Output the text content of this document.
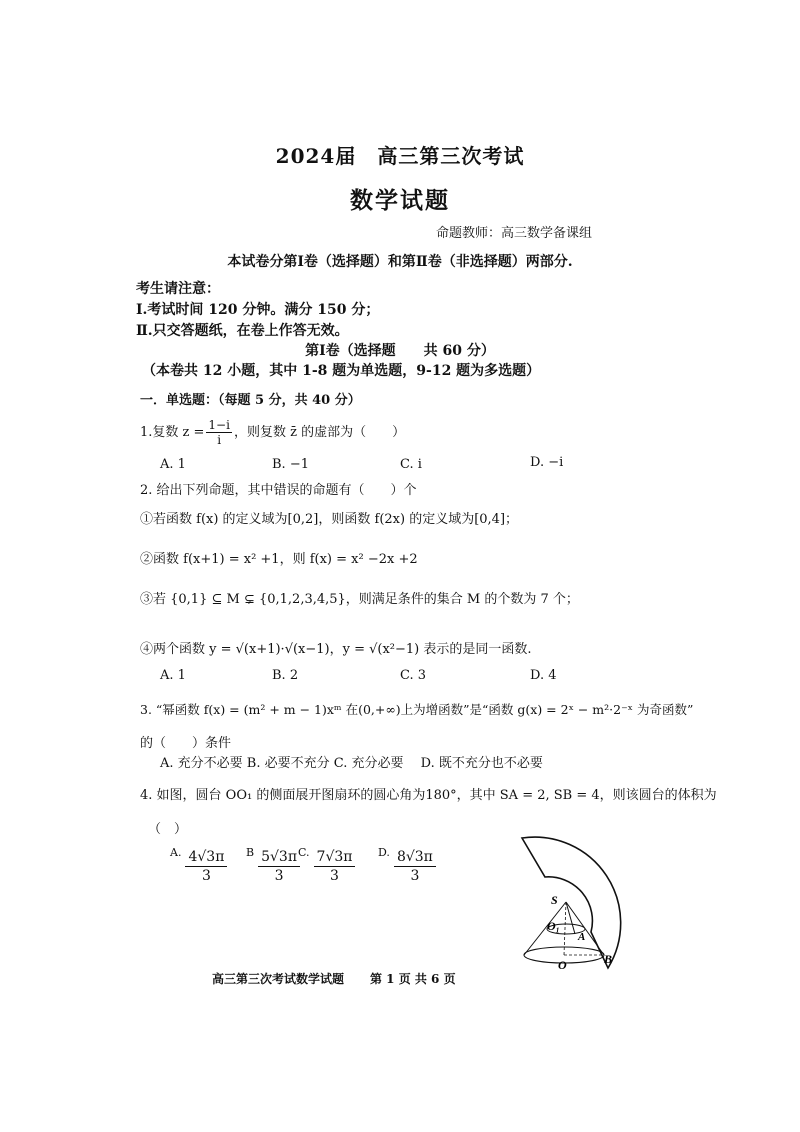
2024届　高三第三次考试
数学试题
命题教师：高三数学备课组
本试卷分第Ⅰ卷（选择题）和第Ⅱ卷（非选择题）两部分.
考生请注意：
Ⅰ.考试时间 120 分钟。满分 150 分；
Ⅱ.只交答题纸，在卷上作答无效。
第Ⅰ卷（选择题　　共 60 分）
（本卷共 12 小题，其中 1-8 题为单选题，9-12 题为多选题）
一．单选题：（每题 5 分，共 40 分）
1.复数 $z = \frac{1-i}{i}$ ，则复数 z̄ 的虚部为（　　）
A. 1	B. −1	C. i	D. −i
2. 给出下列命题，其中错误的命题有（　　）个
①若函数 f(x) 的定义域为[0,2]，则函数 f(2x) 的定义域为[0,4]；
②函数 f(x+1) = x² +1，则 f(x) = x² −2x +2
③若 {0,1} ⊆ M ⊊ {0,1,2,3,4,5}，则满足条件的集合 M 的个数为 7 个；
④两个函数 y = √(x+1)·√(x−1)，y = √(x²−1) 表示的是同一函数.
A. 1	B. 2	C. 3	D. 4
3. “幂函数 f(x) = (m² + m − 1)xᵐ 在(0,+∞)上为增函数”是“函数 g(x) = 2ˣ − m²·2⁻ˣ 为奇函数”
的（　　）条件
A. 充分不必要 B. 必要不充分 C. 充分必要　 D. 既不充分也不必要
4. 如图，圆台 OO₁ 的侧面展开图扇环的圆心角为180°，其中 SA = 2, SB = 4，则该圆台的体积为
（　）
$^{A.} \frac{4√3\pi}{3} ^B \frac{5√3\pi}{3}$
$^{C.} \frac{7√3\pi}{3} ^{D.} \frac{8√3\pi}{3}$
S
O₁
A
O	B
高三第三次考试数学试题 第 1 页 共 6 页
